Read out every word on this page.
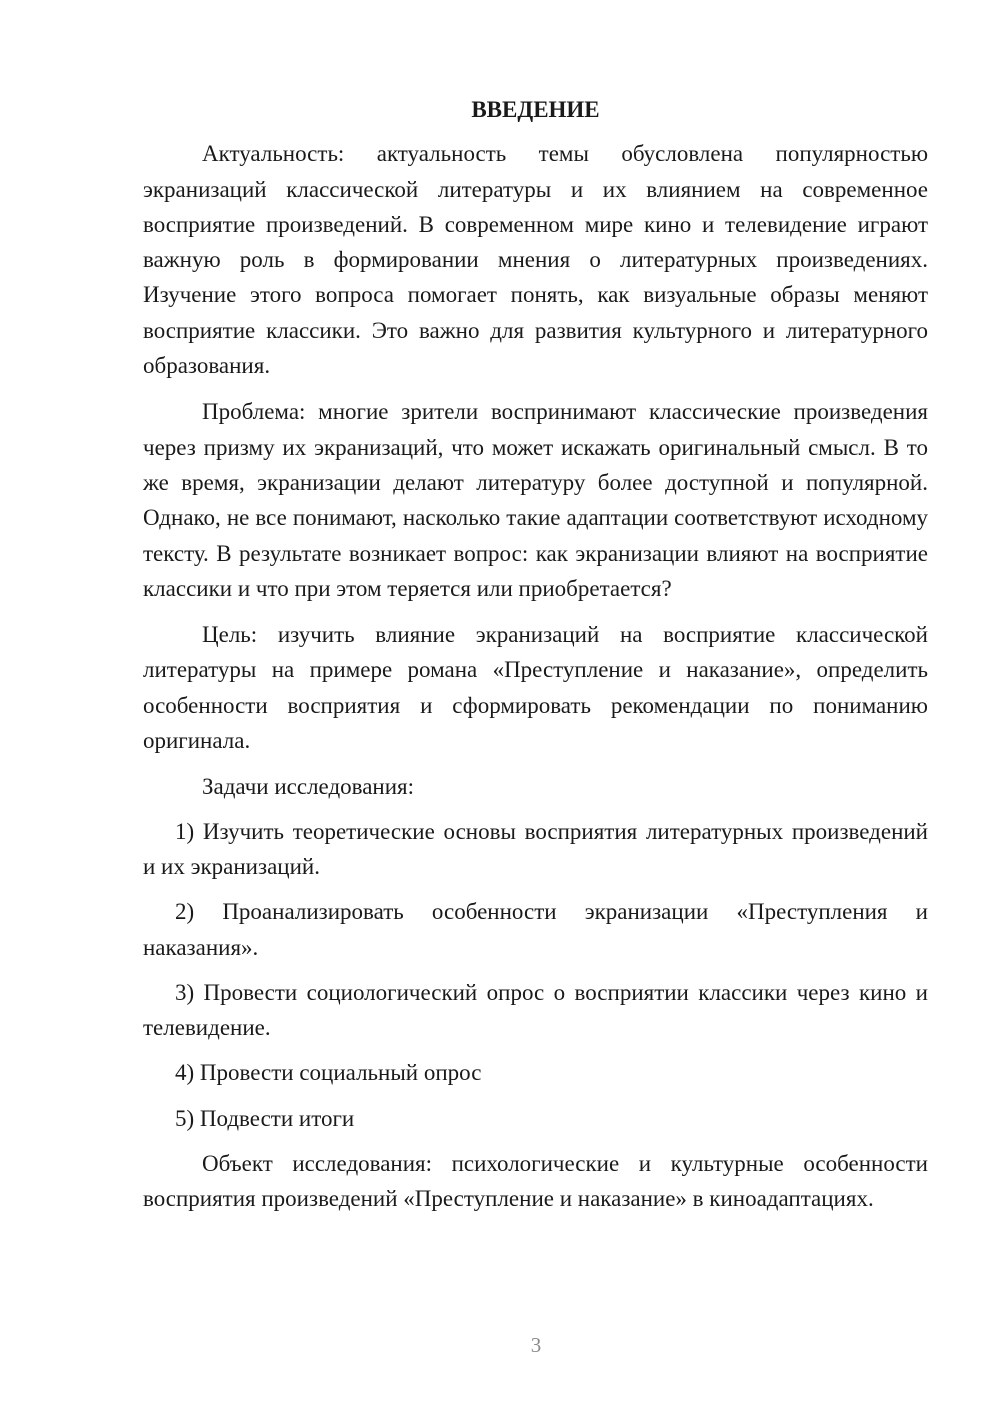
ВВЕДЕНИЕ

Актуальность: актуальность темы обусловлена популярностью экранизаций классической литературы и их влиянием на современное восприятие произведений. В современном мире кино и телевидение играют важную роль в формировании мнения о литературных произведениях. Изучение этого вопроса помогает понять, как визуальные образы меняют восприятие классики. Это важно для развития культурного и литературного образования.

Проблема: многие зрители воспринимают классические произведения через призму их экранизаций, что может искажать оригинальный смысл. В то же время, экранизации делают литературу более доступной и популярной. Однако, не все понимают, насколько такие адаптации соответствуют исходному тексту. В результате возникает вопрос: как экранизации влияют на восприятие классики и что при этом теряется или приобретается?

Цель: изучить влияние экранизаций на восприятие классической литературы на примере романа «Преступление и наказание», определить особенности восприятия и сформировать рекомендации по пониманию оригинала.

Задачи исследования:

1) Изучить теоретические основы восприятия литературных произведений и их экранизаций.

2) Проанализировать особенности экранизации «Преступления и наказания».

3) Провести социологический опрос о восприятии классики через кино и телевидение.

4) Провести социальный опрос

5) Подвести итоги

Объект исследования: психологические и культурные особенности восприятия произведений «Преступление и наказание» в киноадаптациях.

3
